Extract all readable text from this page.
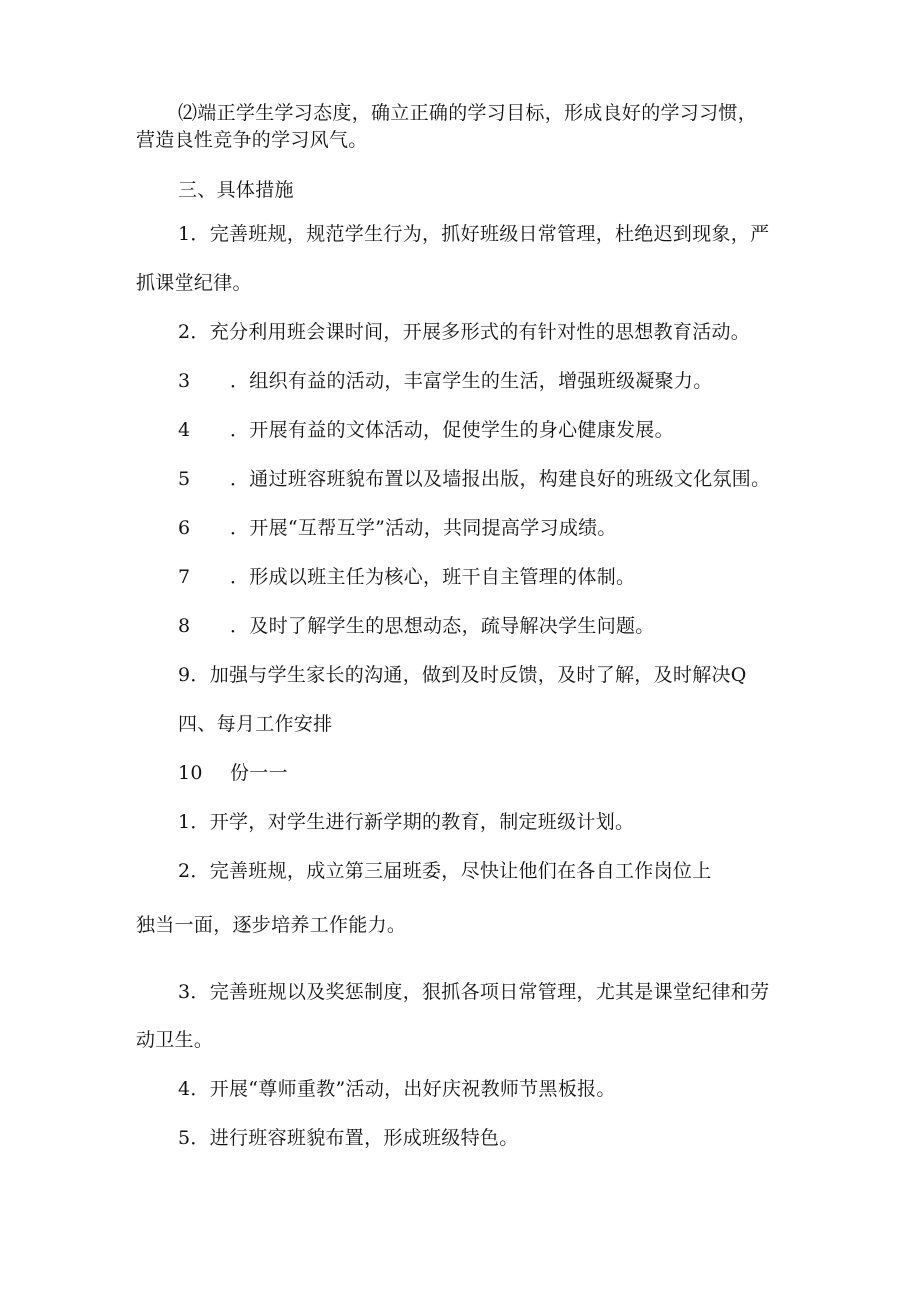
⑵端正学生学习态度，确立正确的学习目标，形成良好的学习习惯，
营造良性竞争的学习风气。
三、具体措施
1．完善班规，规范学生行为，抓好班级日常管理，杜绝迟到现象，严
抓课堂纪律。
2．充分利用班会课时间，开展多形式的有针对性的思想教育活动。
3 ．组织有益的活动，丰富学生的生活，增强班级凝聚力。
4 ．开展有益的文体活动，促使学生的身心健康发展。
5 ．通过班容班貌布置以及墙报出版，构建良好的班级文化氛围。
6 ．开展“互帮互学”活动，共同提高学习成绩。
7 ．形成以班主任为核心，班干自主管理的体制。
8 ．及时了解学生的思想动态，疏导解决学生问题。
9．加强与学生家长的沟通，做到及时反馈，及时了解，及时解决Q
四、每月工作安排
10 份一一
1．开学，对学生进行新学期的教育，制定班级计划。
2．完善班规，成立第三届班委，尽快让他们在各自工作岗位上
独当一面，逐步培养工作能力。
3．完善班规以及奖惩制度，狠抓各项日常管理，尤其是课堂纪律和劳
动卫生。
4．开展“尊师重教”活动，出好庆祝教师节黑板报。
5．进行班容班貌布置，形成班级特色。
